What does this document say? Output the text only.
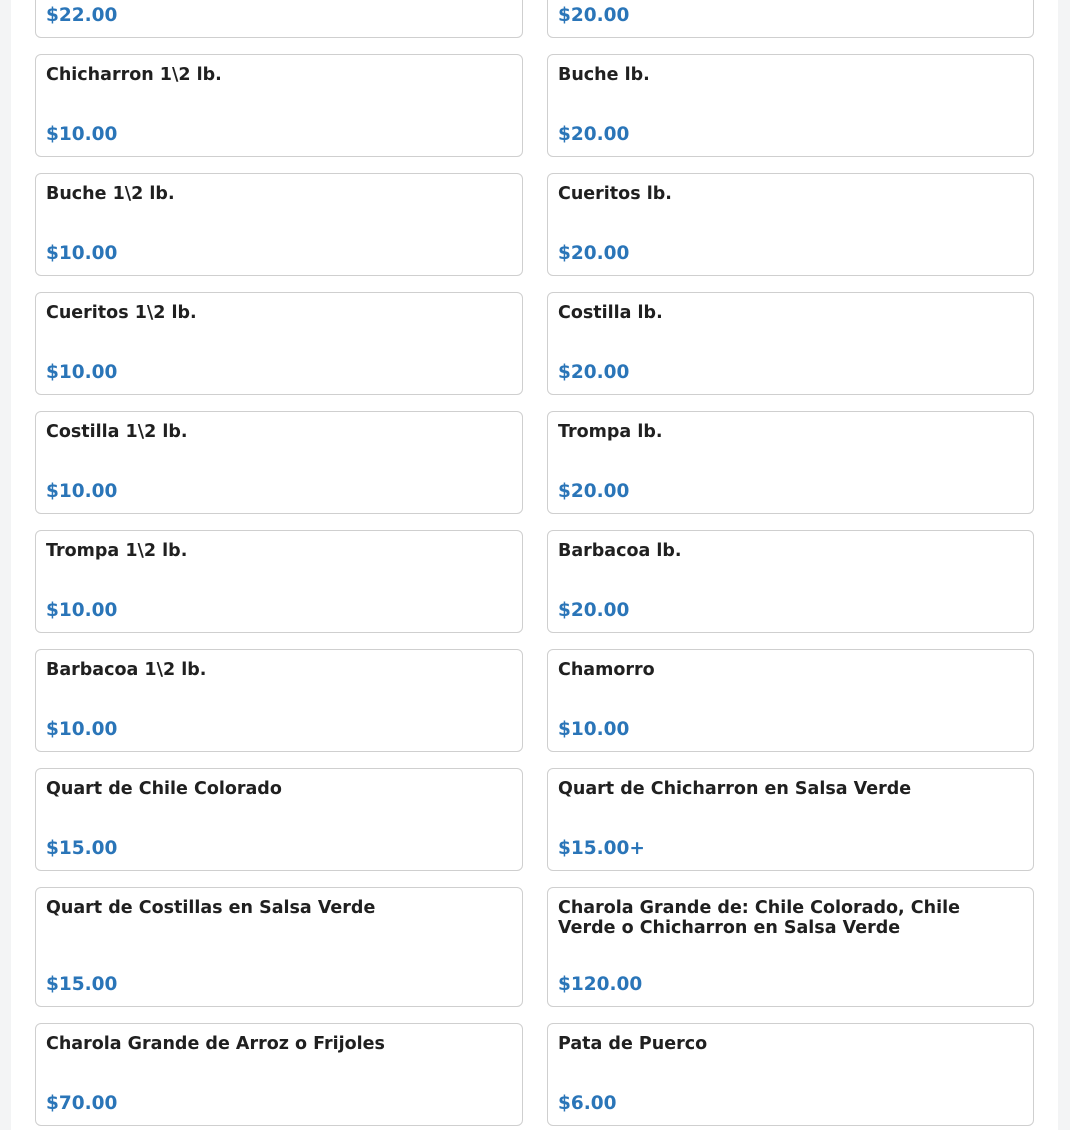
$22.00	$20.00
Chicharron 1\2 lb.
$10.00
Buche lb.
$20.00
Buche 1\2 lb.
$10.00
Cueritos lb.
$20.00
Cueritos 1\2 lb.
$10.00
Costilla lb.
$20.00
Costilla 1\2 lb.
$10.00
Trompa lb.
$20.00
Trompa 1\2 lb.
$10.00
Barbacoa lb.
$20.00
Barbacoa 1\2 lb.
$10.00
Chamorro
$10.00
Quart de Chile Colorado
$15.00
Quart de Chicharron en Salsa Verde
$15.00+
Quart de Costillas en Salsa Verde
$15.00
Charola Grande de: Chile Colorado, Chile Verde o Chicharron en Salsa Verde
$120.00
Charola Grande de Arroz o Frijoles
$70.00
Pata de Puerco
$6.00
